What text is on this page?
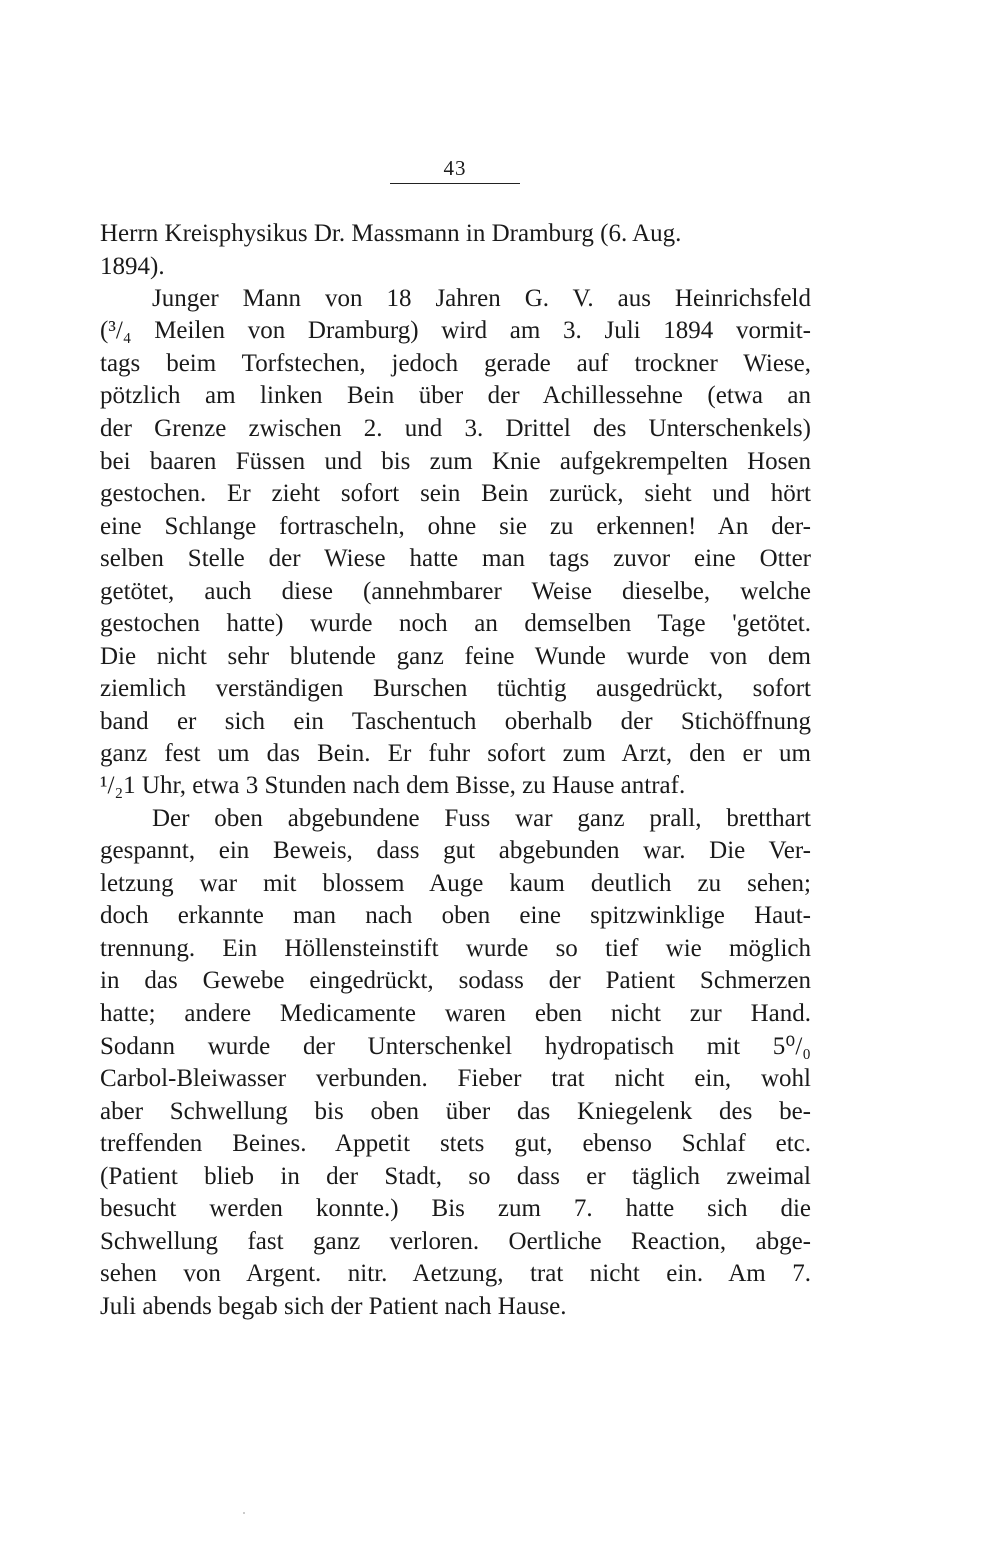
43
Herrn Kreisphysikus Dr. Massmann in Dramburg (6. Aug.
1894).
Junger Mann von 18 Jahren G. V. aus Heinrichsfeld
(³/₄ Meilen von Dramburg) wird am 3. Juli 1894 vormit-
tags beim Torfstechen, jedoch gerade auf trockner Wiese,
pötzlich am linken Bein über der Achillessehne (etwa an
der Grenze zwischen 2. und 3. Drittel des Unterschenkels)
bei baaren Füssen und bis zum Knie aufgekrempelten Hosen
gestochen. Er zieht sofort sein Bein zurück, sieht und hört
eine Schlange fortrascheln, ohne sie zu erkennen! An der-
selben Stelle der Wiese hatte man tags zuvor eine Otter
getötet, auch diese (annehmbarer Weise dieselbe, welche
gestochen hatte) wurde noch an demselben Tage 'getötet.
Die nicht sehr blutende ganz feine Wunde wurde von dem
ziemlich verständigen Burschen tüchtig ausgedrückt, sofort
band er sich ein Taschentuch oberhalb der Stichöffnung
ganz fest um das Bein. Er fuhr sofort zum Arzt, den er um
¹/₂1 Uhr, etwa 3 Stunden nach dem Bisse, zu Hause antraf.
Der oben abgebundene Fuss war ganz prall, bretthart
gespannt, ein Beweis, dass gut abgebunden war. Die Ver-
letzung war mit blossem Auge kaum deutlich zu sehen;
doch erkannte man nach oben eine spitzwinklige Haut-
trennung. Ein Höllensteinstift wurde so tief wie möglich
in das Gewebe eingedrückt, sodass der Patient Schmerzen
hatte; andere Medicamente waren eben nicht zur Hand.
Sodann wurde der Unterschenkel hydropatisch mit 5⁰/₀
Carbol-Bleiwasser verbunden. Fieber trat nicht ein, wohl
aber Schwellung bis oben über das Kniegelenk des be-
treffenden Beines. Appetit stets gut, ebenso Schlaf etc.
(Patient blieb in der Stadt, so dass er täglich zweimal
besucht werden konnte.) Bis zum 7. hatte sich die
Schwellung fast ganz verloren. Oertliche Reaction, abge-
sehen von Argent. nitr. Aetzung, trat nicht ein. Am 7.
Juli abends begab sich der Patient nach Hause.
